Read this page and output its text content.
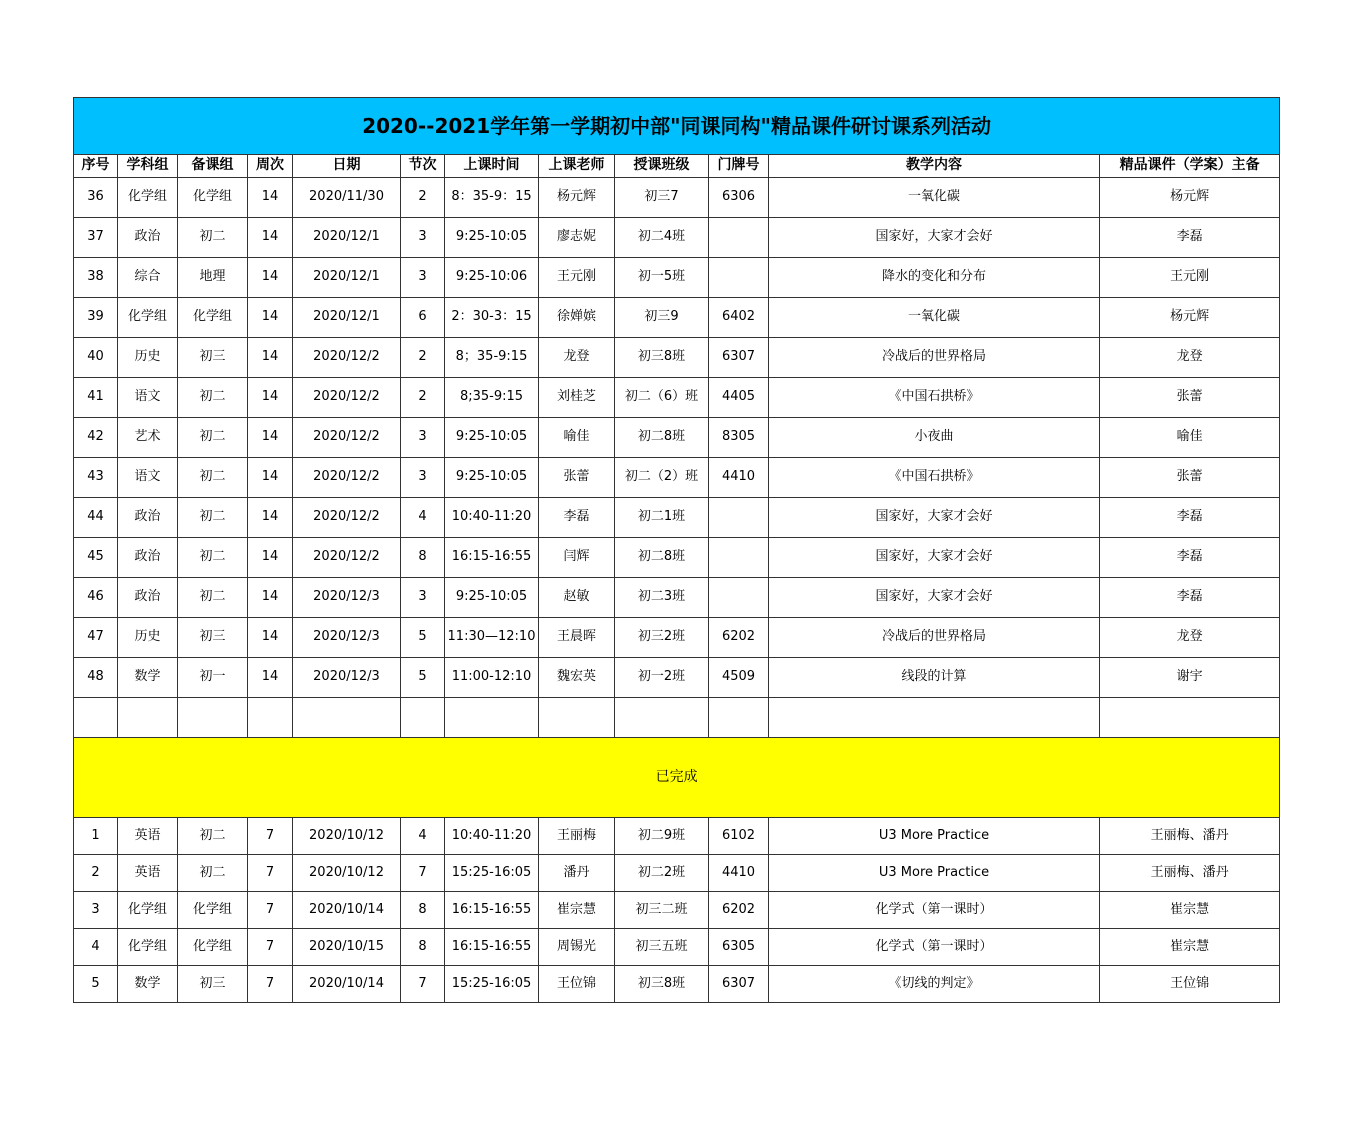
2020--2021学年第一学期初中部"同课同构"精品课件研讨课系列活动											
序号	学科组	备课组	周次	日期	节次	上课时间	上课老师	授课班级	门牌号	教学内容	精品课件（学案）主备
36	化学组	化学组	14	2020/11/30	2	8：35-9：15	杨元辉	初三7	6306	一氧化碳	杨元辉
37	政治	初二	14	2020/12/1	3	9:25-10:05	廖志妮	初二4班		国家好，大家才会好	李磊
38	综合	地理	14	2020/12/1	3	9:25-10:06	王元刚	初一5班		降水的变化和分布	王元刚
39	化学组	化学组	14	2020/12/1	6	2：30-3：15	徐婵嫔	初三9	6402	一氧化碳	杨元辉
40	历史	初三	14	2020/12/2	2	8；35-9:15	龙登	初三8班	6307	冷战后的世界格局	龙登
41	语文	初二	14	2020/12/2	2	8;35-9:15	刘桂芝	初二（6）班	4405	《中国石拱桥》	张蕾
42	艺术	初二	14	2020/12/2	3	9:25-10:05	喻佳	初二8班	8305	小夜曲	喻佳
43	语文	初二	14	2020/12/2	3	9:25-10:05	张蕾	初二（2）班	4410	《中国石拱桥》	张蕾
44	政治	初二	14	2020/12/2	4	10:40-11:20	李磊	初二1班		国家好，大家才会好	李磊
45	政治	初二	14	2020/12/2	8	16:15-16:55	闫辉	初二8班		国家好，大家才会好	李磊
46	政治	初二	14	2020/12/3	3	9:25-10:05	赵敏	初二3班		国家好，大家才会好	李磊
47	历史	初三	14	2020/12/3	5	11:30—12:10	王晨晖	初三2班	6202	冷战后的世界格局	龙登
48	数学	初一	14	2020/12/3	5	11:00-12:10	魏宏英	初一2班	4509	线段的计算	谢宇

已完成											
1	英语	初二	7	2020/10/12	4	10:40-11:20	王丽梅	初二9班	6102	U3 More Practice	王丽梅、潘丹
2	英语	初二	7	2020/10/12	7	15:25-16:05	潘丹	初二2班	4410	U3 More Practice	王丽梅、潘丹
3	化学组	化学组	7	2020/10/14	8	16:15-16:55	崔宗慧	初三二班	6202	化学式（第一课时）	崔宗慧
4	化学组	化学组	7	2020/10/15	8	16:15-16:55	周锡光	初三五班	6305	化学式（第一课时）	崔宗慧
5	数学	初三	7	2020/10/14	7	15:25-16:05	王位锦	初三8班	6307	《切线的判定》	王位锦
